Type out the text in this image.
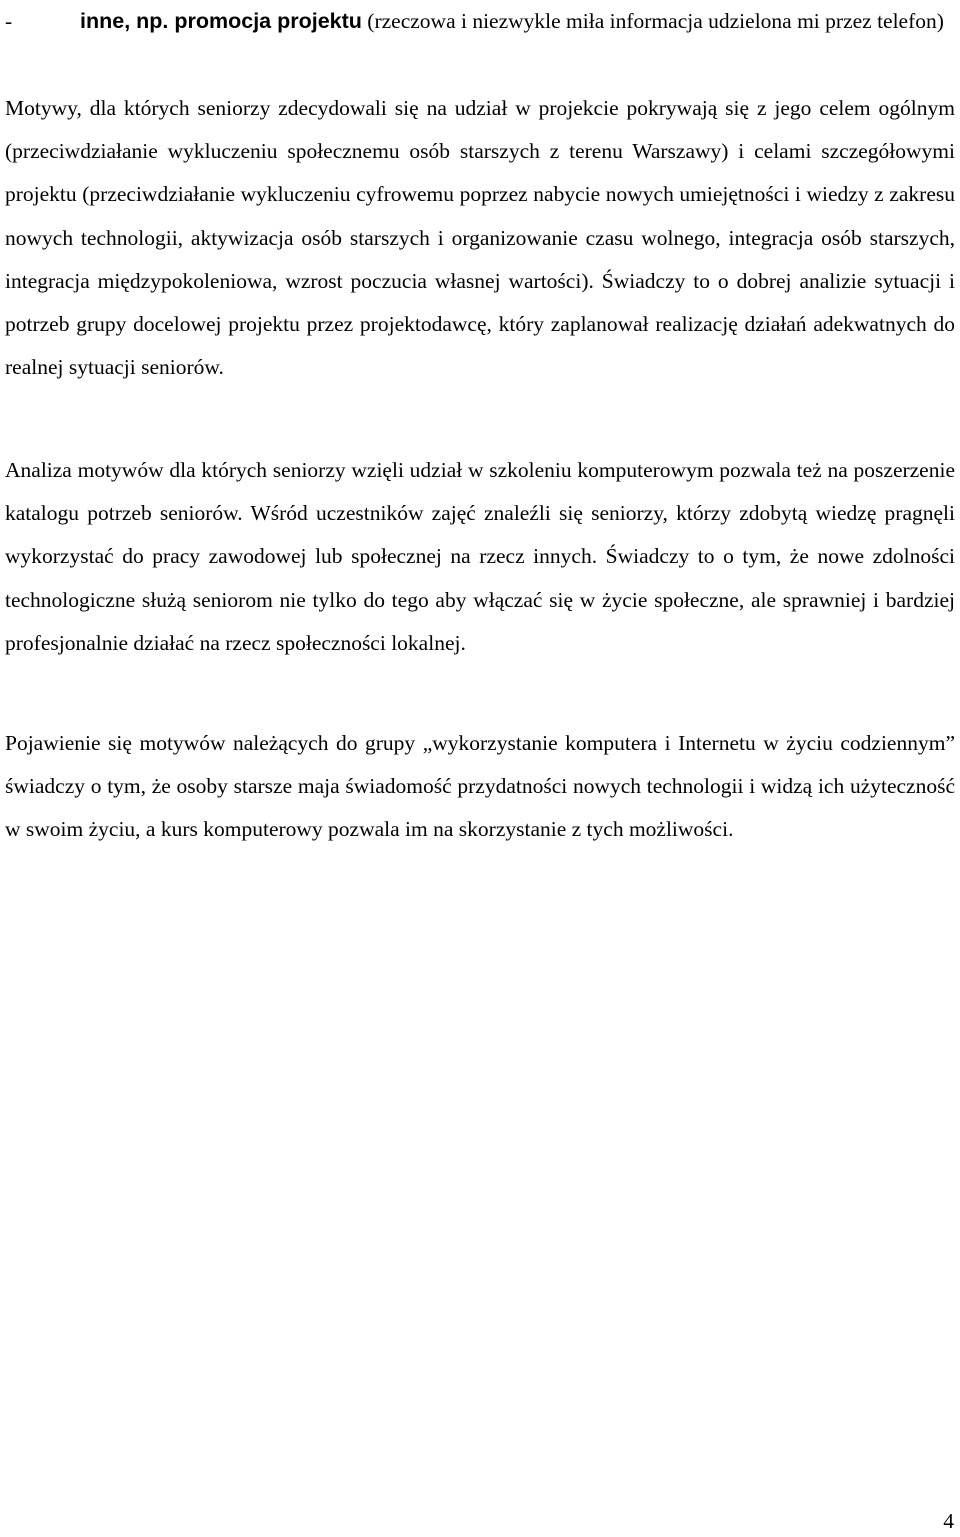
-	inne, np. promocja projektu (rzeczowa i niezwykle miła informacja udzielona mi przez telefon)

Motywy, dla których seniorzy zdecydowali się na udział w projekcie pokrywają się z jego celem ogólnym (przeciwdziałanie wykluczeniu społecznemu osób starszych z terenu Warszawy) i celami szczegółowymi projektu (przeciwdziałanie wykluczeniu cyfrowemu poprzez nabycie nowych umiejętności i wiedzy z zakresu nowych technologii, aktywizacja osób starszych i organizowanie czasu wolnego, integracja osób starszych, integracja międzypokoleniowa, wzrost poczucia własnej wartości). Świadczy to o dobrej analizie sytuacji i potrzeb grupy docelowej projektu przez projektodawcę, który zaplanował realizację działań adekwatnych do realnej sytuacji seniorów.

Analiza motywów dla których seniorzy wzięli udział w szkoleniu komputerowym pozwala też na poszerzenie katalogu potrzeb seniorów. Wśród uczestników zajęć znaleźli się seniorzy, którzy zdobytą wiedzę pragnęli wykorzystać do pracy zawodowej lub społecznej na rzecz innych. Świadczy to o tym, że nowe zdolności technologiczne służą seniorom nie tylko do tego aby włączać się w życie społeczne, ale sprawniej i bardziej profesjonalnie działać na rzecz społeczności lokalnej.

Pojawienie się motywów należących do grupy „wykorzystanie komputera i Internetu w życiu codziennym” świadczy o tym, że osoby starsze maja świadomość przydatności nowych technologii i widzą ich użyteczność w swoim życiu, a kurs komputerowy pozwala im na skorzystanie z tych możliwości.

4
